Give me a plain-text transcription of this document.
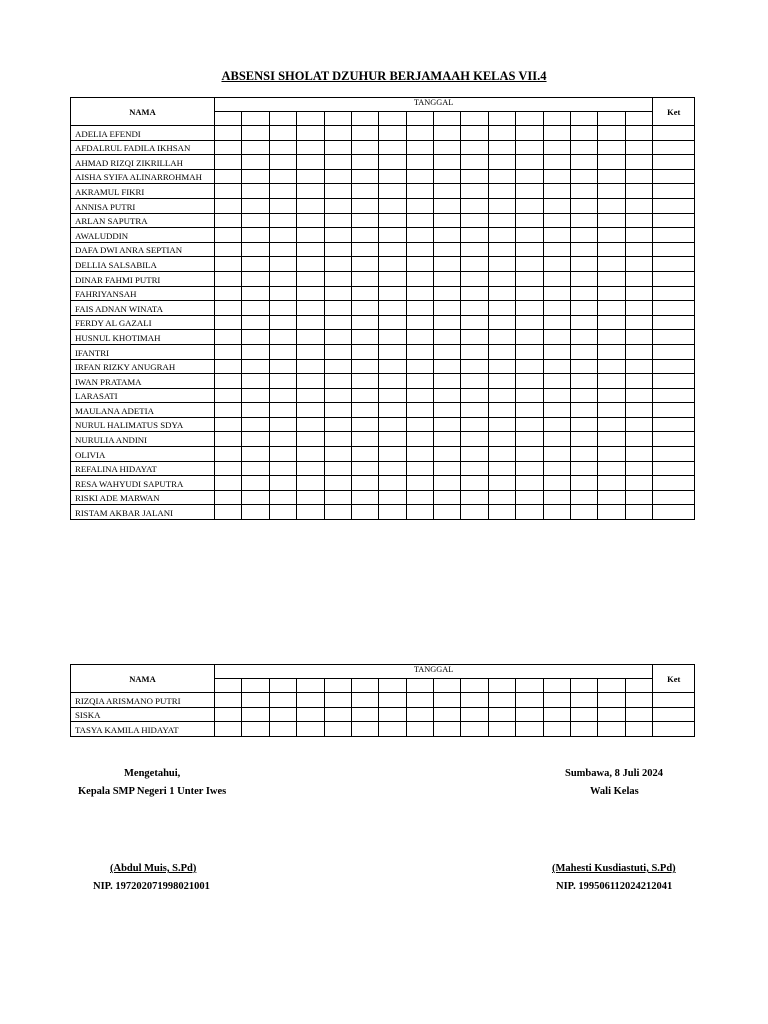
ABSENSI SHOLAT DZUHUR BERJAMAAH KELAS VII.4
NAMA	TANGGAL																Ket

ADELIA EFENDI																	
AFDALRUL FADILA IKHSAN																	
AHMAD RIZQI ZIKRILLAH																	
AISHA SYIFA ALINARROHMAH																	
AKRAMUL FIKRI																	
ANNISA PUTRI																	
ARLAN SAPUTRA																	
AWALUDDIN																	
DAFA DWI ANRA SEPTIAN																	
DELLIA SALSABILA																	
DINAR FAHMI PUTRI																	
FAHRIYANSAH																	
FAIS ADNAN WINATA																	
FERDY AL GAZALI																	
HUSNUL KHOTIMAH																	
IFANTRI																	
IRFAN RIZKY ANUGRAH																	
IWAN PRATAMA																	
LARASATI																	
MAULANA ADETIA																	
NURUL HALIMATUS SDYA																	
NURULIA ANDINI																	
OLIVIA																	
REFALINA HIDAYAT																	
RESA WAHYUDI SAPUTRA																	
RISKI ADE MARWAN																	
RISTAM AKBAR JALANI																	
NAMA	TANGGAL																Ket

RIZQIA ARISMANO PUTRI																	
SISKA																	
TASYA KAMILA HIDAYAT																	
Mengetahui,
Kepala SMP Negeri 1 Unter Iwes
(Abdul Muis, S.Pd)
NIP. 197202071998021001
Sumbawa, 8 Juli 2024
Wali Kelas
(Mahesti Kusdiastuti, S.Pd)
NIP. 199506112024212041
